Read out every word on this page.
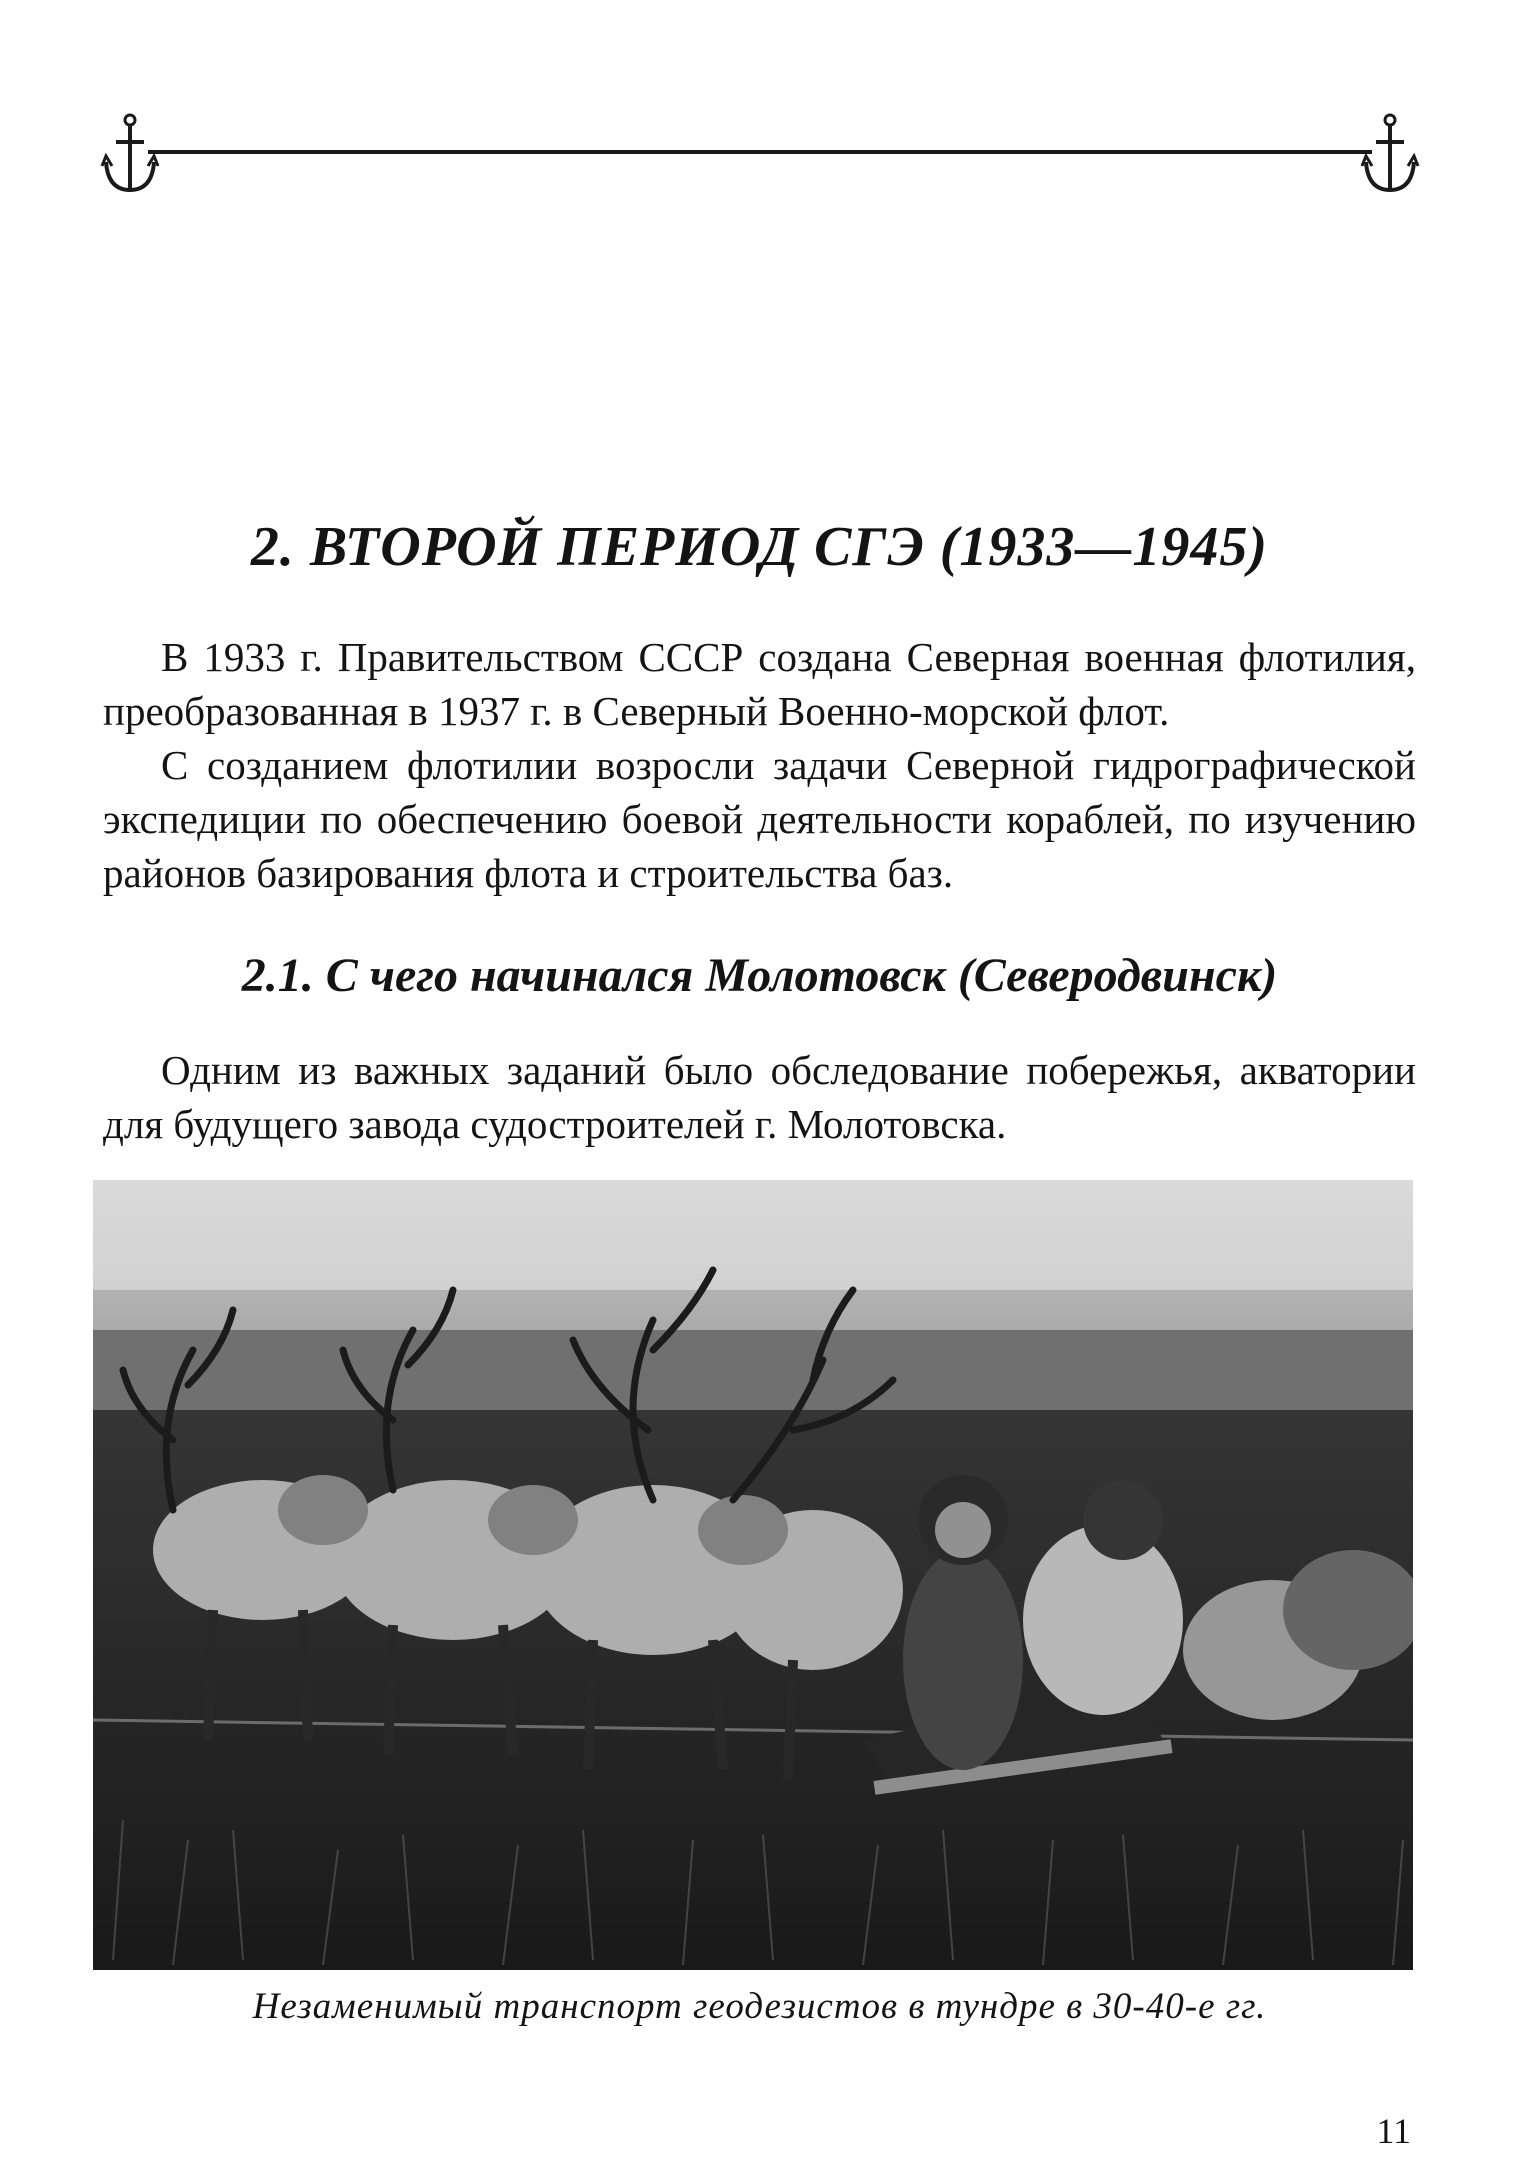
2. ВТОРОЙ ПЕРИОД СГЭ (1933—1945)

В 1933 г. Правительством СССР создана Северная военная флотилия, преобразованная в 1937 г. в Северный Военно-морской флот.

С созданием флотилии возросли задачи Северной гидрографической экспедиции по обеспечению боевой деятельности кораблей, по изучению районов базирования флота и строительства баз.

2.1. С чего начинался Молотовск (Северодвинск)

Одним из важных заданий было обследование побережья, акватории для будущего завода судостроителей г. Молотовска.

Незаменимый транспорт геодезистов в тундре в 30-40-е гг.

11
